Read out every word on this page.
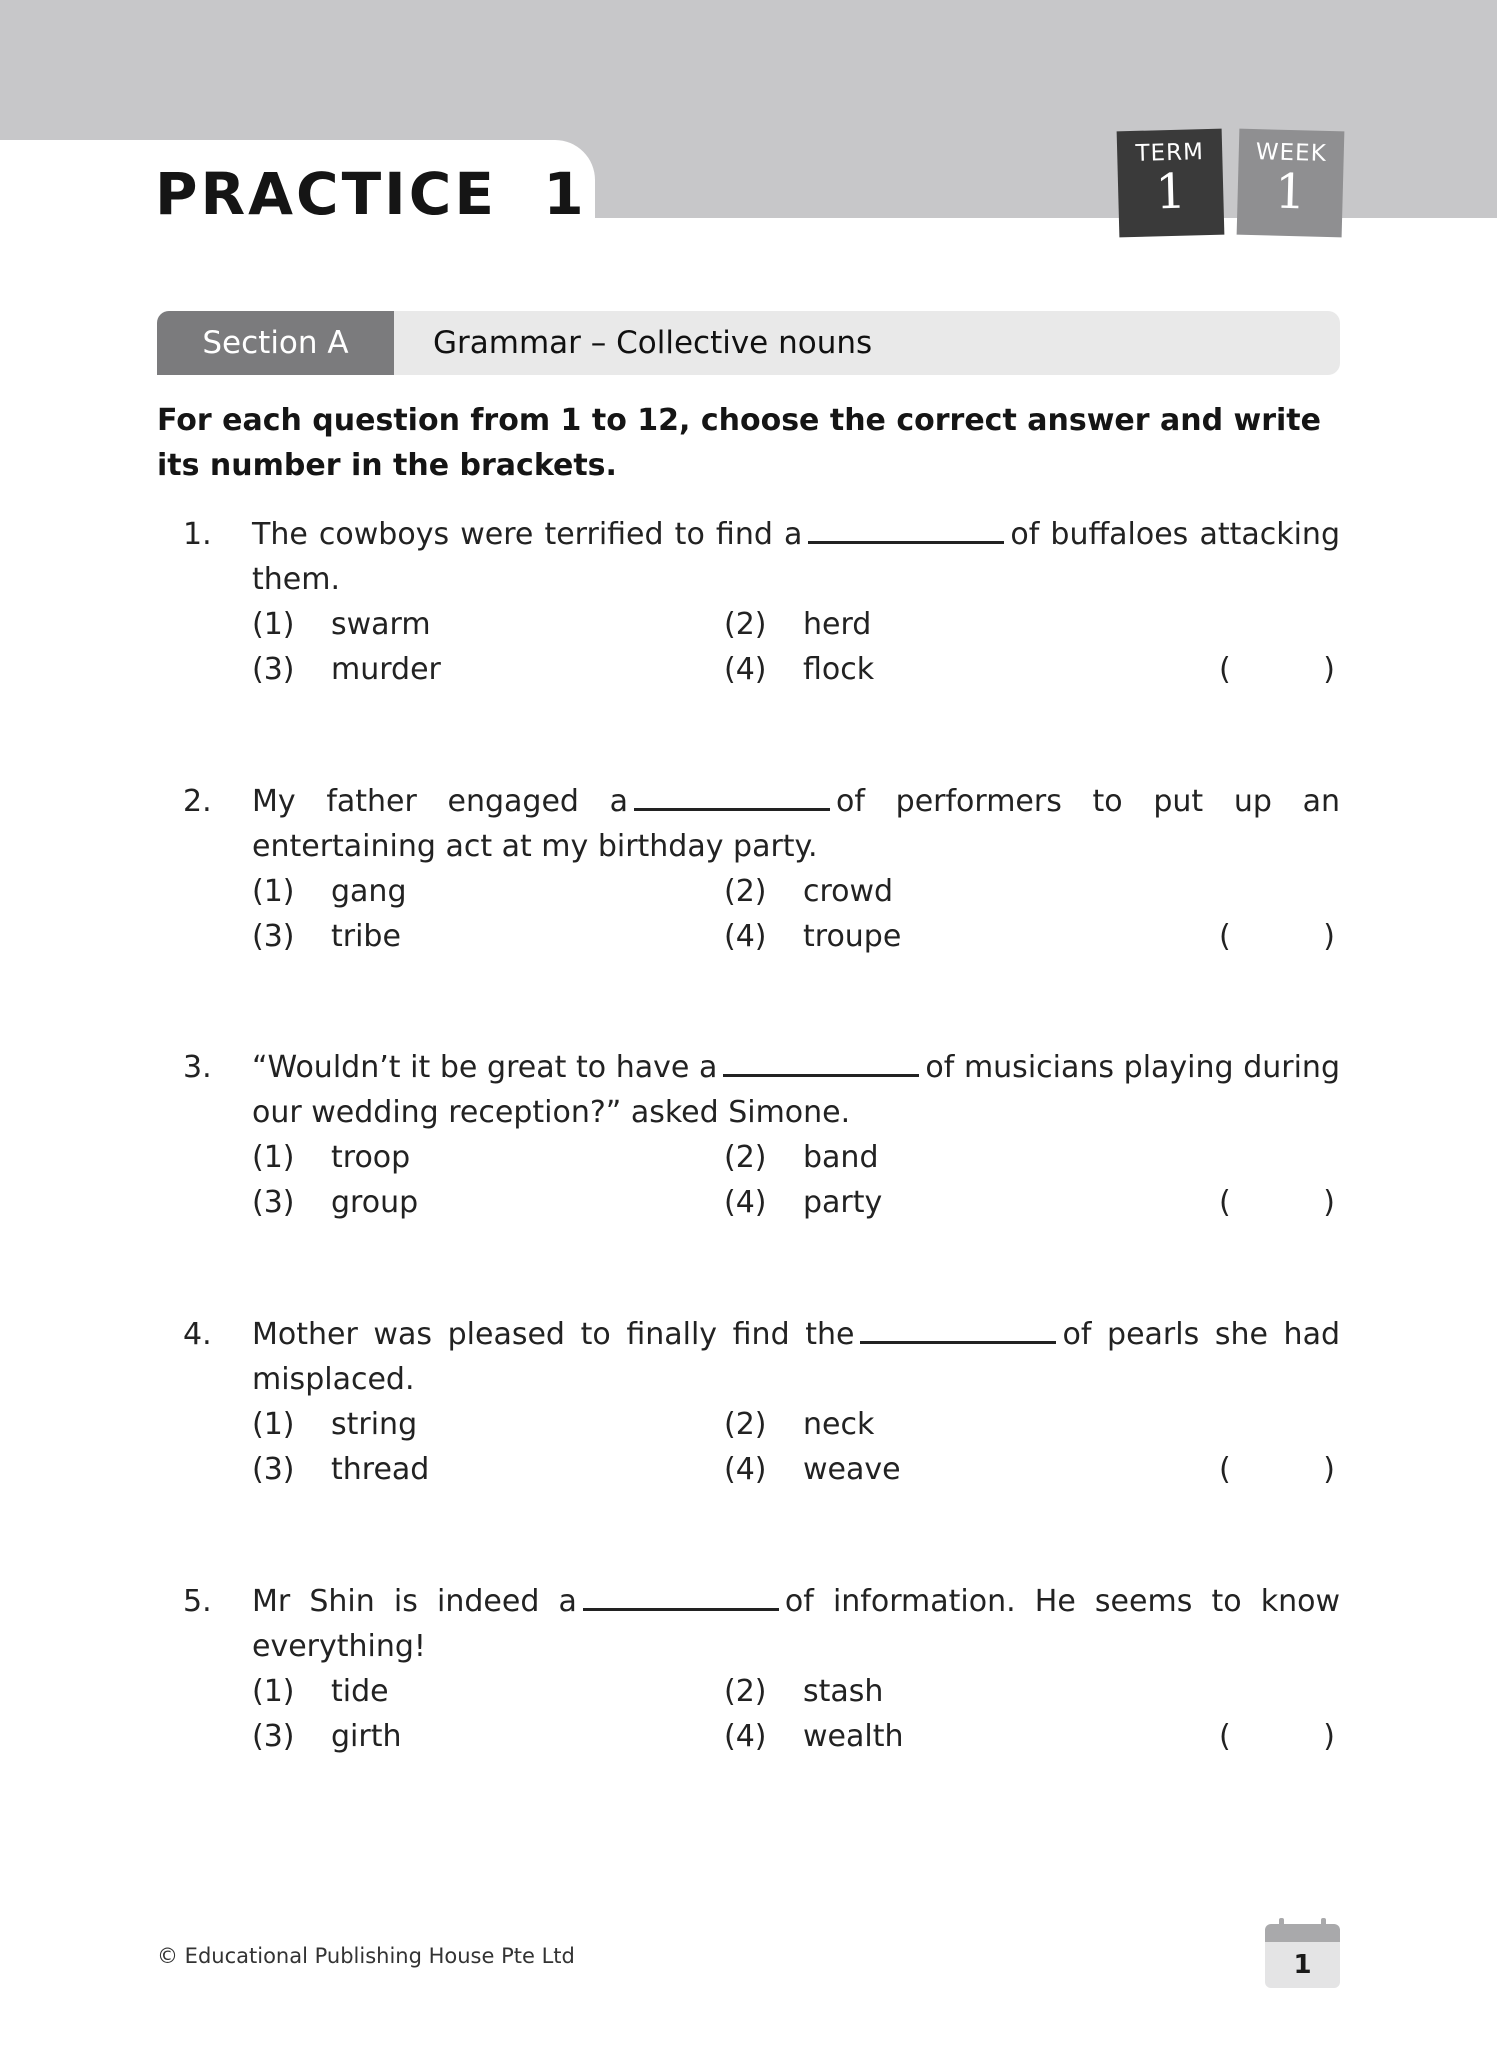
PRACTICE  1
TERM
1
WEEK
1
Section A	Grammar – Collective nouns

For each question from 1 to 12, choose the correct answer and write its number in the brackets.

1. The cowboys were terrified to find a	of buffaloes attacking them.

(1) swarm	(2) herd
(3) murder	(4) flock	(	)
2. My father engaged a	of performers to put up an entertaining act at my birthday party.

(1) gang	(2) crowd
(3) tribe	(4) troupe	(	)
3. “Wouldn’t it be great to have a	of musicians playing during our wedding reception?” asked Simone.

(1) troop	(2) band
(3) group	(4) party	(	)
4. Mother was pleased to finally find the	of pearls she had misplaced.

(1) string	(2) neck
(3) thread	(4) weave	(	)
5. Mr Shin is indeed a	of information. He seems to know everything!

(1) tide	(2) stash
(3) girth	(4) wealth	(	)
© Educational Publishing House Pte Ltd	1
